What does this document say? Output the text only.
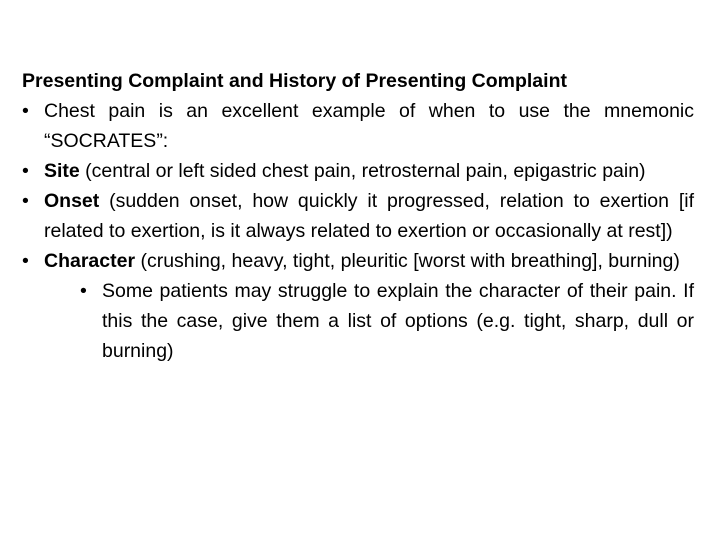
Presenting Complaint and History of Presenting Complaint

• Chest pain is an excellent example of when to use the mnemonic “SOCRATES”:
• Site (central or left sided chest pain, retrosternal pain, epigastric pain)
• Onset (sudden onset, how quickly it progressed, relation to exertion [if related to exertion, is it always related to exertion or occasionally at rest])
• Character (crushing, heavy, tight, pleuritic [worst with breathing], burning)
• Some patients may struggle to explain the character of their pain. If this the case, give them a list of options (e.g. tight, sharp, dull or burning)
